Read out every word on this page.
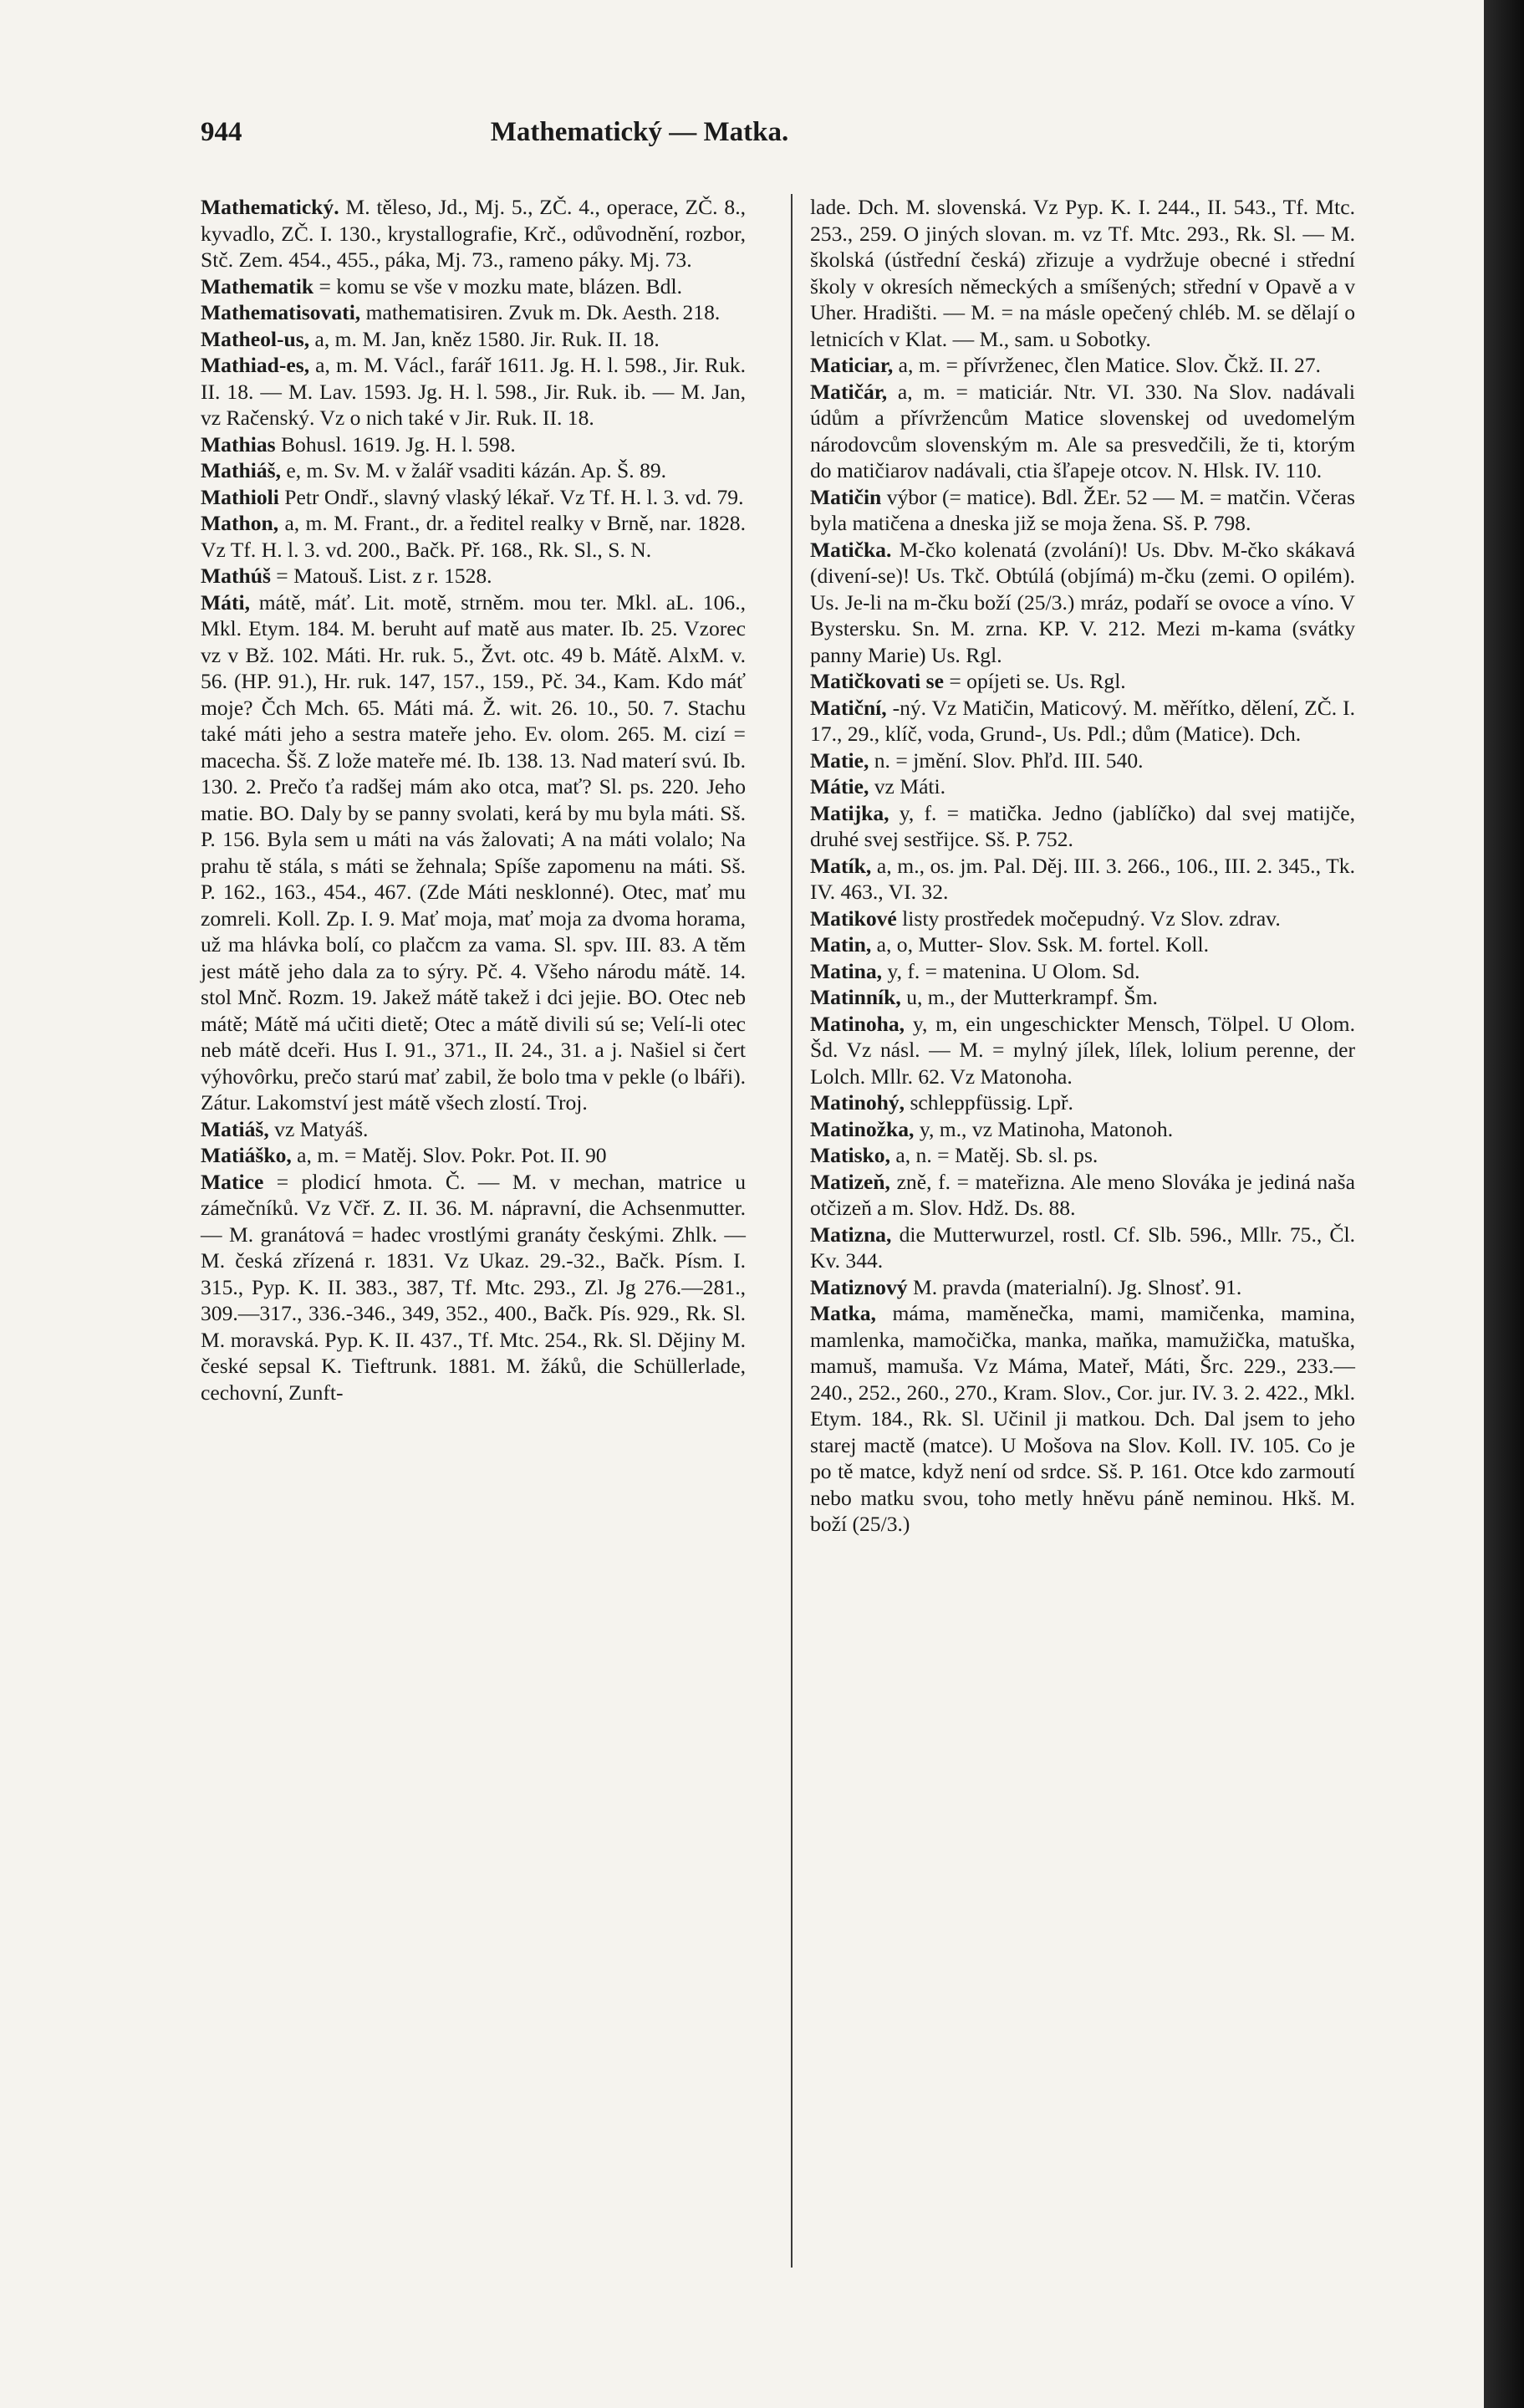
944	Mathematický — Matka.

Mathematický. M. těleso, Jd., Mj. 5., ZČ. 4., operace, ZČ. 8., kyvadlo, ZČ. I. 130., krystallografie, Krč., odůvodnění, rozbor, Stč. Zem. 454., 455., páka, Mj. 73., rameno páky. Mj. 73.

Mathematik = komu se vše v mozku mate, blázen. Bdl.

Mathematisovati, mathematisiren. Zvuk m. Dk. Aesth. 218.

Matheol-us, a, m. M. Jan, kněz 1580. Jir. Ruk. II. 18.

Mathiad-es, a, m. M. Václ., farář 1611. Jg. H. l. 598., Jir. Ruk. II. 18. — M. Lav. 1593. Jg. H. l. 598., Jir. Ruk. ib. — M. Jan, vz Račenský. Vz o nich také v Jir. Ruk. II. 18.

Mathias Bohusl. 1619. Jg. H. l. 598.

Mathiáš, e, m. Sv. M. v žalář vsaditi kázán. Ap. Š. 89.

Mathioli Petr Ondř., slavný vlaský lékař. Vz Tf. H. l. 3. vd. 79.

Mathon, a, m. M. Frant., dr. a ředitel realky v Brně, nar. 1828. Vz Tf. H. l. 3. vd. 200., Bačk. Př. 168., Rk. Sl., S. N.

Mathúš = Matouš. List. z r. 1528.

Máti, mátě, máť. Lit. motě, strněm. mou ter. Mkl. aL. 106., Mkl. Etym. 184. M. beruht auf matě aus mater. Ib. 25. Vzorec vz v Bž. 102. Máti. Hr. ruk. 5., Žvt. otc. 49 b. Mátě. AlxM. v. 56. (HP. 91.), Hr. ruk. 147, 157., 159., Pč. 34., Kam. Kdo máť moje? Čch Mch. 65. Máti má. Ž. wit. 26. 10., 50. 7. Stachu také máti jeho a sestra mateře jeho. Ev. olom. 265. M. cizí = macecha. Šš. Z lože mateře mé. Ib. 138. 13. Nad materí svú. Ib. 130. 2. Prečo ťa radšej mám ako otca, mať? Sl. ps. 220. Jeho matie. BO. Daly by se panny svolati, kerá by mu byla máti. Sš. P. 156. Byla sem u máti na vás žalovati; A na máti volalo; Na prahu tě stála, s máti se žehnala; Spíše zapomenu na máti. Sš. P. 162., 163., 454., 467. (Zde Máti nesklonné). Otec, mať mu zomreli. Koll. Zp. I. 9. Mať moja, mať moja za dvoma horama, už ma hlávka bolí, co plačcm za vama. Sl. spv. III. 83. A těm jest mátě jeho dala za to sýry. Pč. 4. Všeho národu mátě. 14. stol Mnč. Rozm. 19. Jakež mátě takež i dci jejie. BO. Otec neb mátě; Mátě má učiti dietě; Otec a mátě divili sú se; Velí-li otec neb mátě dceři. Hus I. 91., 371., II. 24., 31. a j. Našiel si čert výhovôrku, prečo starú mať zabil, že bolo tma v pekle (o lbáři). Zátur. Lakomství jest mátě všech zlostí. Troj.

Matiáš, vz Matyáš.

Matiáško, a, m. = Matěj. Slov. Pokr. Pot. II. 90

Matice = plodicí hmota. Č. — M. v mechan, matrice u zámečníků. Vz Včř. Z. II. 36. M. nápravní, die Achsenmutter. — M. granátová = hadec vrostlými granáty českými. Zhlk. — M. česká zřízená r. 1831. Vz Ukaz. 29.-32., Bačk. Písm. I. 315., Pyp. K. II. 383., 387, Tf. Mtc. 293., Zl. Jg 276.—281., 309.—317., 336.-346., 349, 352., 400., Bačk. Pís. 929., Rk. Sl. M. moravská. Pyp. K. II. 437., Tf. Mtc. 254., Rk. Sl. Dějiny M. české sepsal K. Tieftrunk. 1881. M. žáků, die Schüllerlade, cechovní, Zunft-

lade. Dch. M. slovenská. Vz Pyp. K. I. 244., II. 543., Tf. Mtc. 253., 259. O jiných slovan. m. vz Tf. Mtc. 293., Rk. Sl. — M. školská (ústřední česká) zřizuje a vydržuje obecné i střední školy v okresích německých a smíšených; střední v Opavě a v Uher. Hradišti. — M. = na másle opečený chléb. M. se dělají o letnicích v Klat. — M., sam. u Sobotky.

Maticiar, a, m. = přívrženec, člen Matice. Slov. Čkž. II. 27.

Matičár, a, m. = maticiár. Ntr. VI. 330. Na Slov. nadávali údům a přívržencům Matice slovenskej od uvedomelým národovcům slovenským m. Ale sa presvedčili, že ti, ktorým do matičiarov nadávali, ctia šľapeje otcov. N. Hlsk. IV. 110.

Matičin výbor (= matice). Bdl. ŽEr. 52 — M. = matčin. Včeras byla matičena a dneska již se moja žena. Sš. P. 798.

Matička. M-čko kolenatá (zvolání)! Us. Dbv. M-čko skákavá (divení-se)! Us. Tkč. Obtúlá (objímá) m-čku (zemi. O opilém). Us. Je-li na m-čku boží (25/3.) mráz, podaří se ovoce a víno. V Bystersku. Sn. M. zrna. KP. V. 212. Mezi m-kama (svátky panny Marie) Us. Rgl.

Matičkovati se = opíjeti se. Us. Rgl.

Matiční, -ný. Vz Matičin, Maticový. M. měřítko, dělení, ZČ. I. 17., 29., klíč, voda, Grund-, Us. Pdl.; dům (Matice). Dch.

Matie, n. = jmění. Slov. Phľd. III. 540.

Mátie, vz Máti.

Matijka, y, f. = matička. Jedno (jablíčko) dal svej matijče, druhé svej sestřijce. Sš. P. 752.

Matík, a, m., os. jm. Pal. Děj. III. 3. 266., 106., III. 2. 345., Tk. IV. 463., VI. 32.

Matikové listy prostředek močepudný. Vz Slov. zdrav.

Matin, a, o, Mutter- Slov. Ssk. M. fortel. Koll.

Matina, y, f. = matenina. U Olom. Sd.

Matinník, u, m., der Mutterkrampf. Šm.

Matinoha, y, m, ein ungeschickter Mensch, Tölpel. U Olom. Šd. Vz násl. — M. = mylný jílek, lílek, lolium perenne, der Lolch. Mllr. 62. Vz Matonoha.

Matinohý, schleppfüssig. Lpř.

Matinožka, y, m., vz Matinoha, Matonoh.

Matisko, a, n. = Matěj. Sb. sl. ps.

Matizeň, zně, f. = mateřizna. Ale meno Slováka je jediná naša otčizeň a m. Slov. Hdž. Ds. 88.

Matizna, die Mutterwurzel, rostl. Cf. Slb. 596., Mllr. 75., Čl. Kv. 344.

Matiznový M. pravda (materialní). Jg. Slnosť. 91.

Matka, máma, maměnečka, mami, mamičenka, mamina, mamlenka, mamočička, manka, maňka, mamužička, matuška, mamuš, mamuša. Vz Máma, Mateř, Máti, Šrc. 229., 233.—240., 252., 260., 270., Kram. Slov., Cor. jur. IV. 3. 2. 422., Mkl. Etym. 184., Rk. Sl. Učinil ji matkou. Dch. Dal jsem to jeho starej mactě (matce). U Mošova na Slov. Koll. IV. 105. Co je po tě matce, když není od srdce. Sš. P. 161. Otce kdo zarmoutí nebo matku svou, toho metly hněvu páně neminou. Hkš. M. boží (25/3.)
